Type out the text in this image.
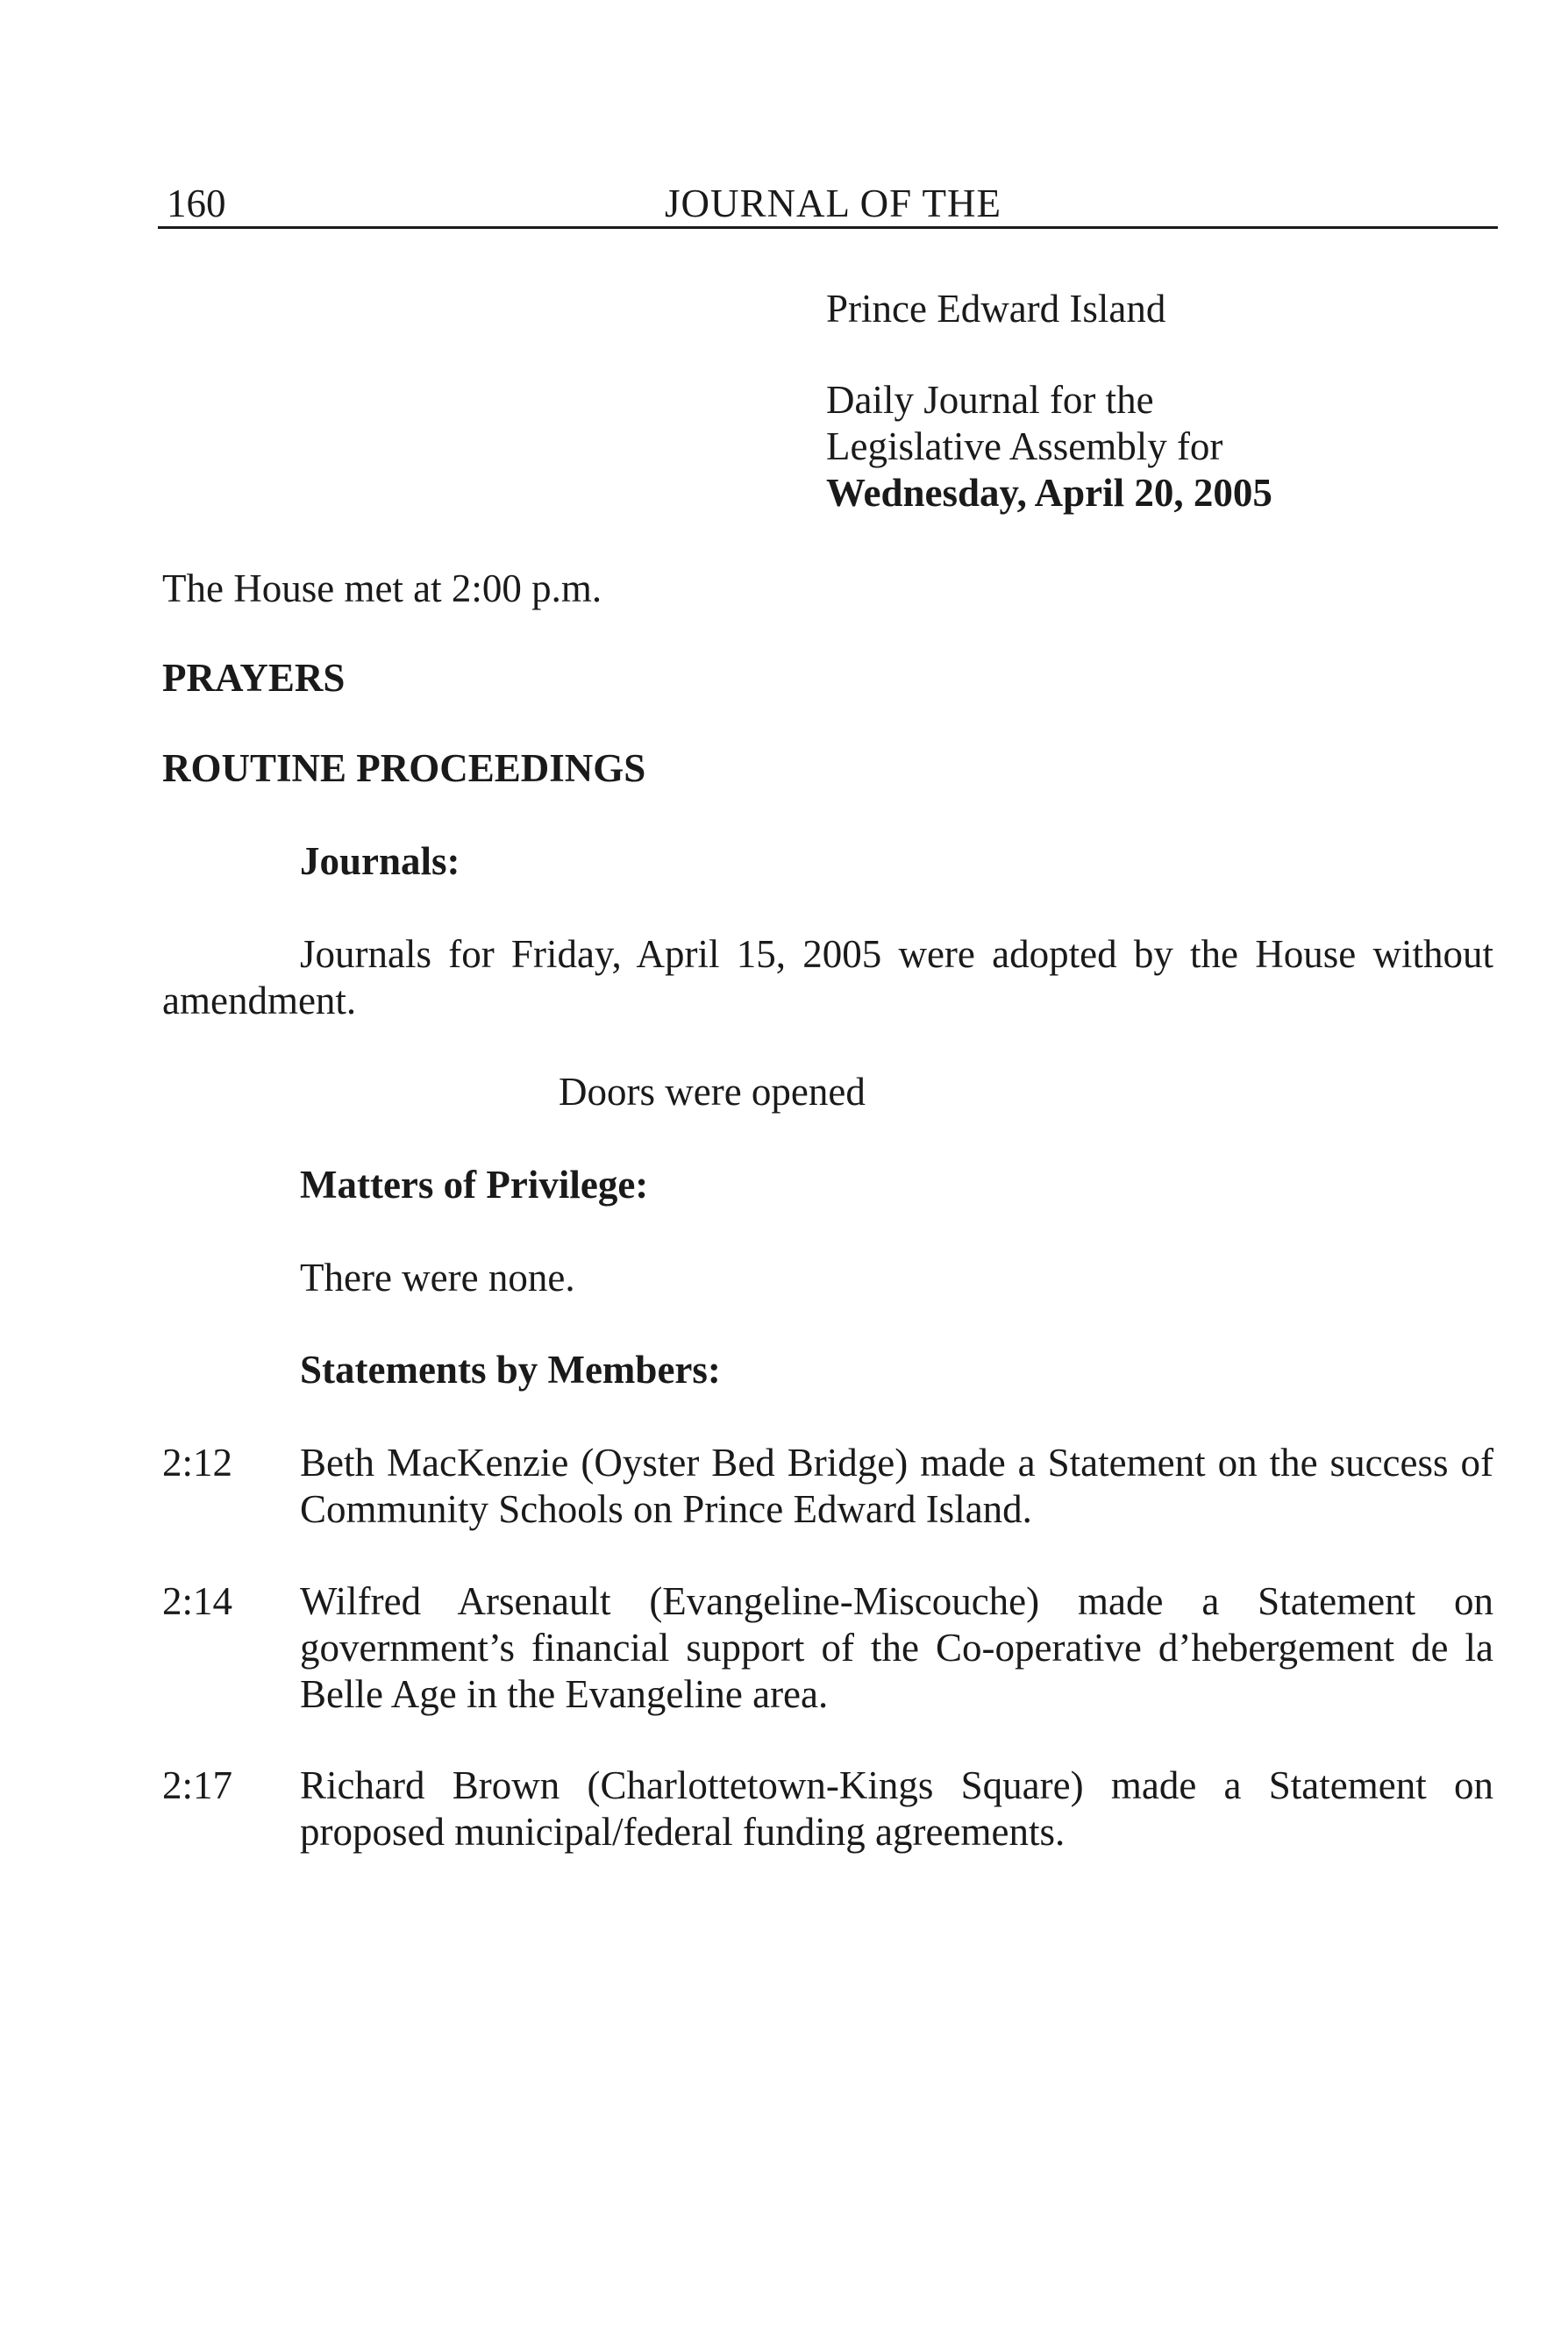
160	JOURNAL OF THE
Prince Edward Island
Daily Journal for the
Legislative Assembly for
Wednesday, April 20, 2005
The House met at 2:00 p.m.
PRAYERS
ROUTINE PROCEEDINGS
Journals:
Journals for Friday, April 15, 2005 were adopted by the House without amendment.
Doors were opened
Matters of Privilege:
There were none.
Statements by Members:
2:12 Beth MacKenzie (Oyster Bed Bridge) made a Statement on the success of Community Schools on Prince Edward Island.
2:14 Wilfred Arsenault (Evangeline-Miscouche) made a Statement on government’s financial support of the Co-operative d’hebergement de la Belle Age in the Evangeline area.
2:17 Richard Brown (Charlottetown-Kings Square) made a Statement on proposed municipal/federal funding agreements.
